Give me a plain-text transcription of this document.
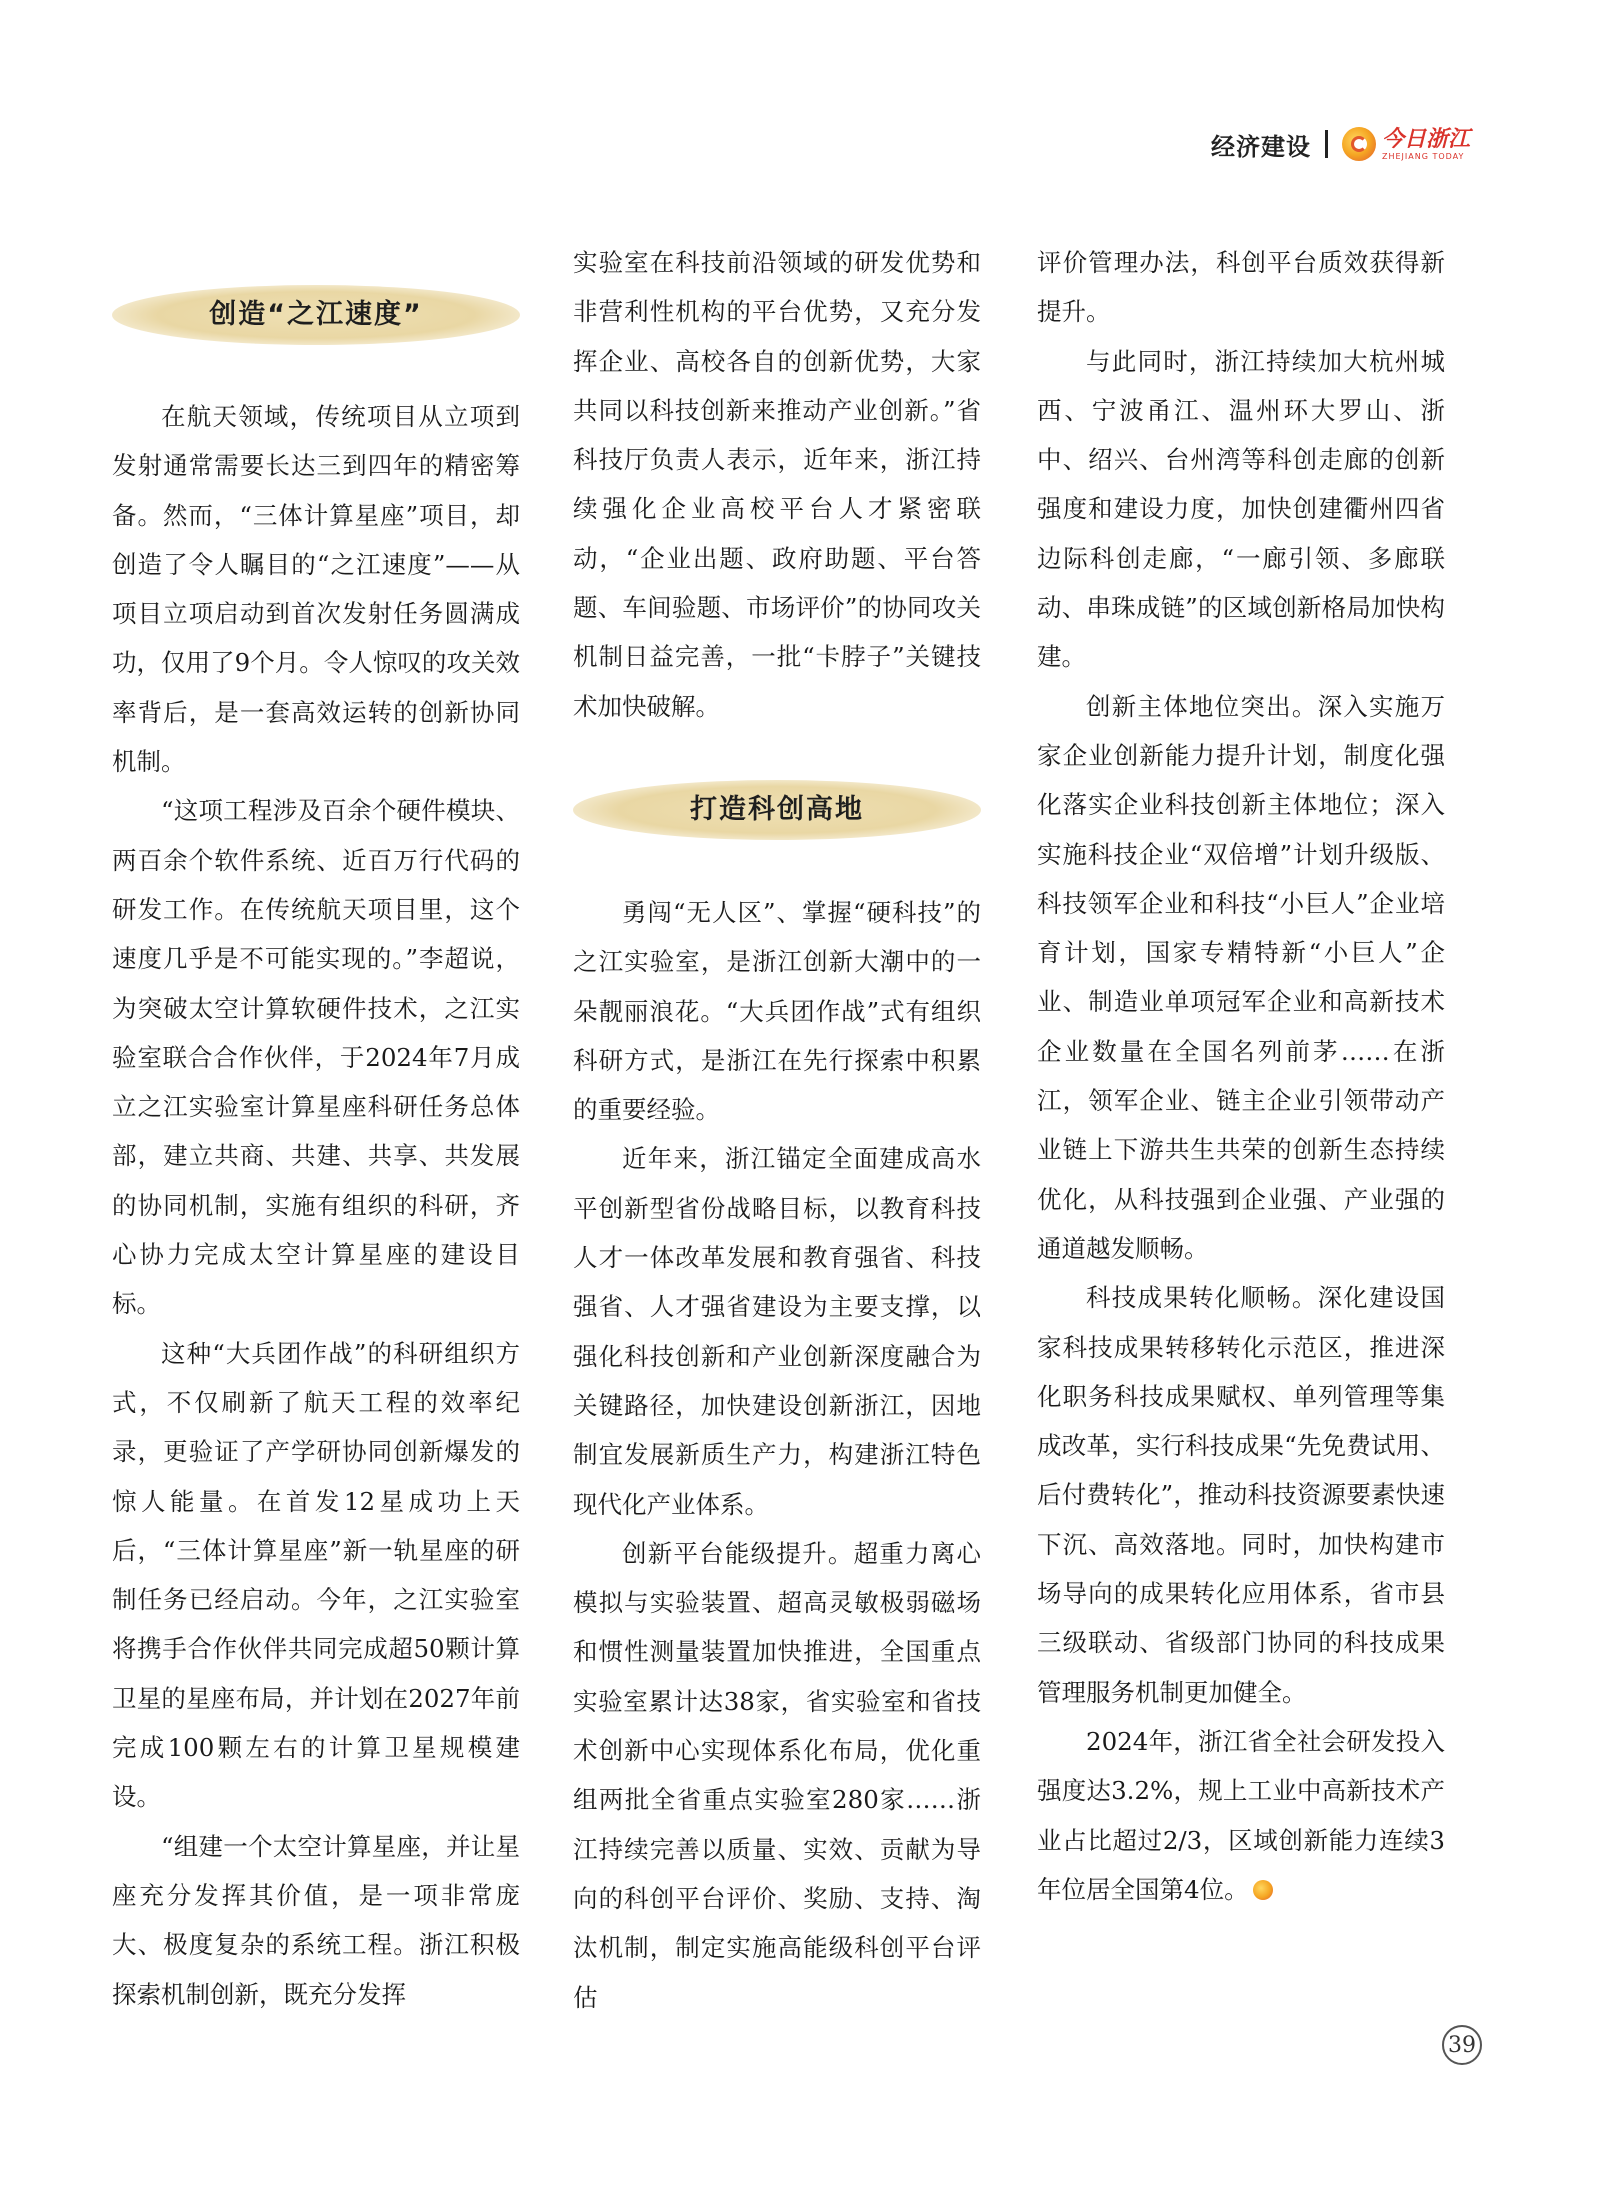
经济建设	今日浙江
ZHEJIANG TODAY
创造“之江速度”

在航天领域，传统项目从立项到发射通常需要长达三到四年的精密筹备。然而，“三体计算星座”项目，却创造了令人瞩目的“之江速度”——从项目立项启动到首次发射任务圆满成功，仅用了9个月。令人惊叹的攻关效率背后，是一套高效运转的创新协同机制。

“这项工程涉及百余个硬件模块、两百余个软件系统、近百万行代码的研发工作。在传统航天项目里，这个速度几乎是不可能实现的。”李超说，为突破太空计算软硬件技术，之江实验室联合合作伙伴，于2024年7月成立之江实验室计算星座科研任务总体部，建立共商、共建、共享、共发展的协同机制，实施有组织的科研，齐心协力完成太空计算星座的建设目标。

这种“大兵团作战”的科研组织方式，不仅刷新了航天工程的效率纪录，更验证了产学研协同创新爆发的惊人能量。在首发12星成功上天后，“三体计算星座”新一轨星座的研制任务已经启动。今年，之江实验室将携手合作伙伴共同完成超50颗计算卫星的星座布局，并计划在2027年前完成100颗左右的计算卫星规模建设。

“组建一个太空计算星座，并让星座充分发挥其价值，是一项非常庞大、极度复杂的系统工程。浙江积极探索机制创新，既充分发挥

实验室在科技前沿领域的研发优势和非营利性机构的平台优势，又充分发挥企业、高校各自的创新优势，大家共同以科技创新来推动产业创新。”省科技厅负责人表示，近年来，浙江持续强化企业高校平台人才紧密联动，“企业出题、政府助题、平台答题、车间验题、市场评价”的协同攻关机制日益完善，一批“卡脖子”关键技术加快破解。

打造科创高地

勇闯“无人区”、掌握“硬科技”的之江实验室，是浙江创新大潮中的一朵靓丽浪花。“大兵团作战”式有组织科研方式，是浙江在先行探索中积累的重要经验。

近年来，浙江锚定全面建成高水平创新型省份战略目标，以教育科技人才一体改革发展和教育强省、科技强省、人才强省建设为主要支撑，以强化科技创新和产业创新深度融合为关键路径，加快建设创新浙江，因地制宜发展新质生产力，构建浙江特色现代化产业体系。

创新平台能级提升。超重力离心模拟与实验装置、超高灵敏极弱磁场和惯性测量装置加快推进，全国重点实验室累计达38家，省实验室和省技术创新中心实现体系化布局，优化重组两批全省重点实验室280家……浙江持续完善以质量、实效、贡献为导向的科创平台评价、奖励、支持、淘汰机制，制定实施高能级科创平台评估

评价管理办法，科创平台质效获得新提升。

与此同时，浙江持续加大杭州城西、宁波甬江、温州环大罗山、浙中、绍兴、台州湾等科创走廊的创新强度和建设力度，加快创建衢州四省边际科创走廊，“一廊引领、多廊联动、串珠成链”的区域创新格局加快构建。

创新主体地位突出。深入实施万家企业创新能力提升计划，制度化强化落实企业科技创新主体地位；深入实施科技企业“双倍增”计划升级版、科技领军企业和科技“小巨人”企业培育计划，国家专精特新“小巨人”企业、制造业单项冠军企业和高新技术企业数量在全国名列前茅……在浙江，领军企业、链主企业引领带动产业链上下游共生共荣的创新生态持续优化，从科技强到企业强、产业强的通道越发顺畅。

科技成果转化顺畅。深化建设国家科技成果转移转化示范区，推进深化职务科技成果赋权、单列管理等集成改革，实行科技成果“先免费试用、后付费转化”，推动科技资源要素快速下沉、高效落地。同时，加快构建市场导向的成果转化应用体系，省市县三级联动、省级部门协同的科技成果管理服务机制更加健全。

2024年，浙江省全社会研发投入强度达3.2%，规上工业中高新技术产业占比超过2/3，区域创新能力连续3年位居全国第4位。

39
